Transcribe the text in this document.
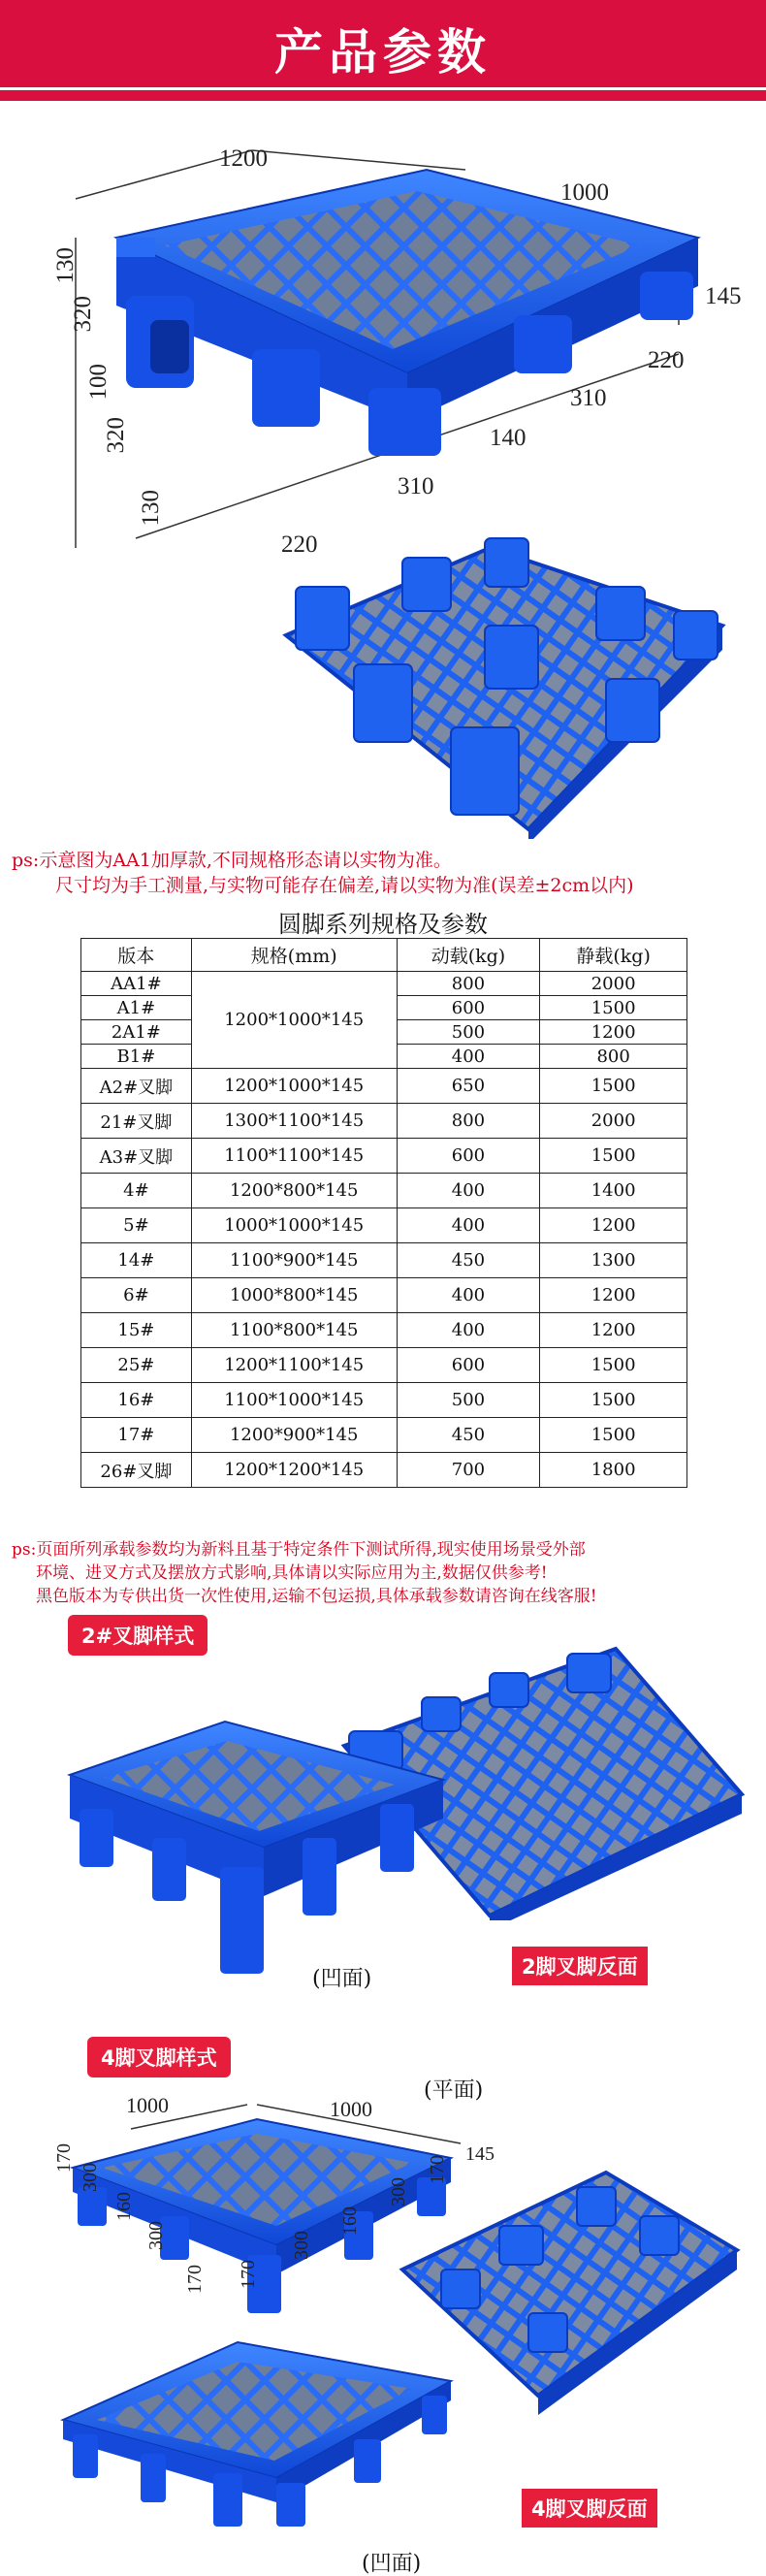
产品参数
1200
1000
145
130
320
100
320
130
220
310
140
310
220
ps:示意图为AA1加厚款,不同规格形态请以实物为准。
尺寸均为手工测量,与实物可能存在偏差,请以实物为准(误差±2cm以内)
圆脚系列规格及参数
版本	规格(mm)	动载(kg)	静载(kg)
AA1#	1200*1000*145	800	2000
A1#		600	1500
2A1#		500	1200
B1#		400	800
A2#叉脚	1200*1000*145	650	1500
21#叉脚	1300*1100*145	800	2000
A3#叉脚	1100*1100*145	600	1500
4#	1200*800*145	400	1400
5#	1000*1000*145	400	1200
14#	1100*900*145	450	1300
6#	1000*800*145	400	1200
15#	1100*800*145	400	1200
25#	1200*1100*145	600	1500
16#	1100*1000*145	500	1500
17#	1200*900*145	450	1500
26#叉脚	1200*1200*145	700	1800
ps:页面所列承载参数均为新料且基于特定条件下测试所得,现实使用场景受外部
环境、进叉方式及摆放方式影响,具体请以实际应用为主,数据仅供参考!
黑色版本为专供出货一次性使用,运输不包运损,具体承载参数请咨询在线客服!
2#叉脚样式
(凹面)	2脚叉脚反面
4脚叉脚样式
(平面)
1000	1000
145
170
300
160
300
170 170
300
160
300
170
(凹面)
4脚叉脚反面
